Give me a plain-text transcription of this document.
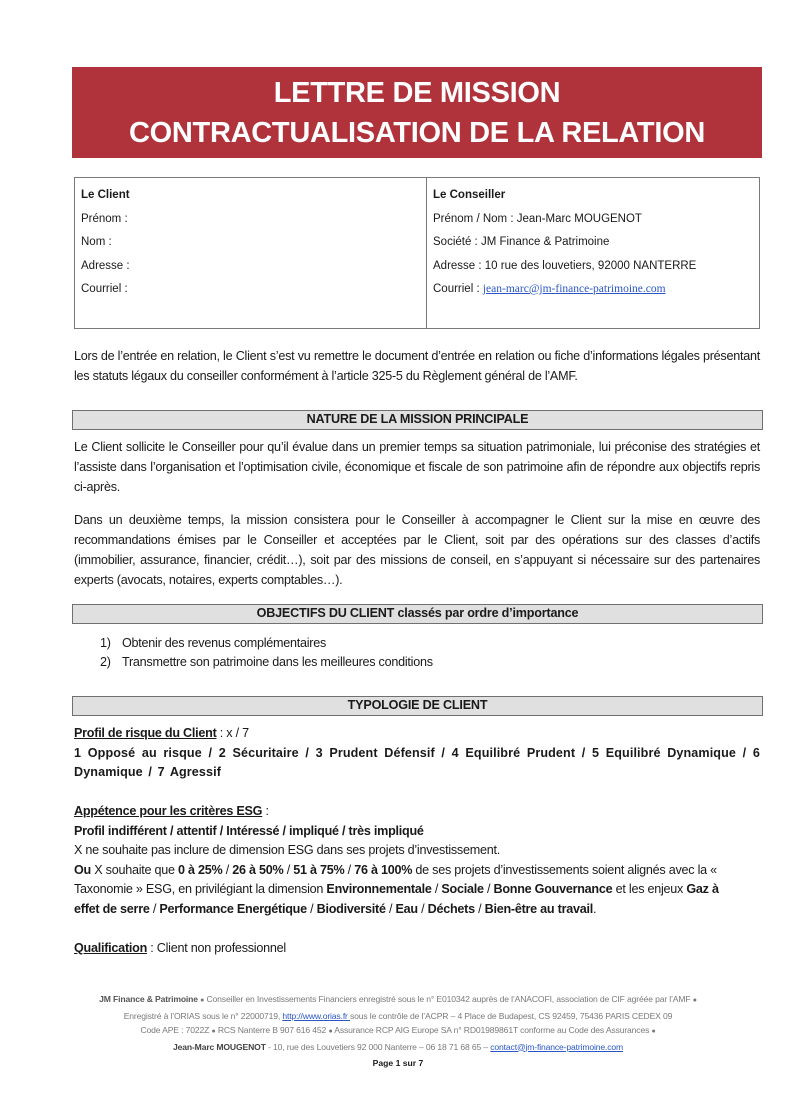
LETTRE DE MISSION
CONTRACTUALISATION DE LA RELATION
Le Client
Prénom :
Nom :
Adresse :
Courriel :
Le Conseiller
Prénom / Nom : Jean-Marc MOUGENOT
Société : JM Finance & Patrimoine
Adresse : 10 rue des louvetiers, 92000 NANTERRE
Courriel : jean-marc@jm-finance-patrimoine.com

Lors de l’entrée en relation, le Client s’est vu remettre le document d’entrée en relation ou fiche d’informations légales présentant les statuts légaux du conseiller conformément à l’article 325-5 du Règlement général de l’AMF.

NATURE DE LA MISSION PRINCIPALE

Le Client sollicite le Conseiller pour qu’il évalue dans un premier temps sa situation patrimoniale, lui préconise des stratégies et l’assiste dans l’organisation et l’optimisation civile, économique et fiscale de son patrimoine afin de répondre aux objectifs repris ci-après.

Dans un deuxième temps, la mission consistera pour le Conseiller à accompagner le Client sur la mise en œuvre des recommandations émises par le Conseiller et acceptées par le Client, soit par des opérations sur des classes d’actifs (immobilier, assurance, financier, crédit…), soit par des missions de conseil, en s’appuyant si nécessaire sur des partenaires experts (avocats, notaires, experts comptables…).

OBJECTIFS DU CLIENT classés par ordre d’importance
1) Obtenir des revenus complémentaires
2) Transmettre son patrimoine dans les meilleures conditions
TYPOLOGIE DE CLIENT
Profil de risque du Client : x / 7
1 Opposé au risque / 2 Sécuritaire / 3 Prudent Défensif / 4 Equilibré Prudent / 5 Equilibré Dynamique / 6 Dynamique / 7 Agressif
Appétence pour les critères ESG :
Profil indifférent / attentif / Intéressé / impliqué / très impliqué
X ne souhaite pas inclure de dimension ESG dans ses projets d’investissement.
Ou X souhaite que 0 à 25% / 26 à 50% / 51 à 75% / 76 à 100% de ses projets d’investissements soient alignés avec la « Taxonomie » ESG, en privilégiant la dimension Environnementale / Sociale / Bonne Gouvernance et les enjeux Gaz à effet de serre / Performance Energétique / Biodiversité / Eau / Déchets / Bien-être au travail.
Qualification : Client non professionnel
JM Finance & Patrimoine ● Conseiller en Investissements Financiers enregistré sous le n° E010342 auprès de l’ANACOFI, association de CIF agréée par l’AMF ●
Enregistré à l’ORIAS sous le n° 22000719, http://www.orias.fr sous le contrôle de l’ACPR – 4 Place de Budapest, CS 92459, 75436 PARIS CEDEX 09
Code APE : 7022Z ● RCS Nanterre B 907 616 452 ● Assurance RCP AIG Europe SA n° RD01989861T conforme au Code des Assurances ●
Jean-Marc MOUGENOT - 10, rue des Louvetiers 92 000 Nanterre – 06 18 71 68 65 – contact@jm-finance-patrimoine.com
Page 1 sur 7
